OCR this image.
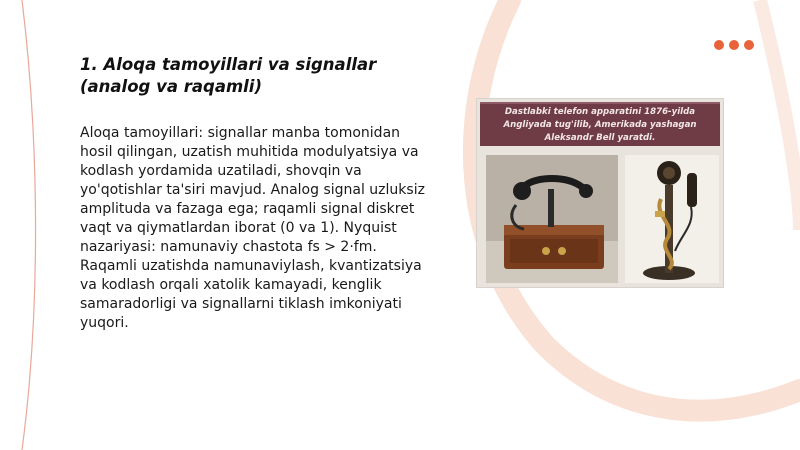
1. Aloqa tamoyillari va signallar (analog va raqamli)

Aloqa tamoyillari: signallar manba tomonidan hosil qilingan, uzatish muhitida modulyatsiya va kodlash yordamida uzatiladi, shovqin va yo'qotishlar ta'siri mavjud. Analog signal uzluksiz amplituda va fazaga ega; raqamli signal diskret vaqt va qiymatlardan iborat (0 va 1). Nyquist nazariyasi: namunaviy chastota fs > 2·fm. Raqamli uzatishda namunaviylash, kvantizatsiya va kodlash orqali xatolik kamayadi, kenglik samaradorligi va signallarni tiklash imkoniyati yuqori.

Dastlabki telefon apparatini 1876-yilda Angliyada tug'ilib, Amerikada yashagan Aleksandr Bell yaratdi.
